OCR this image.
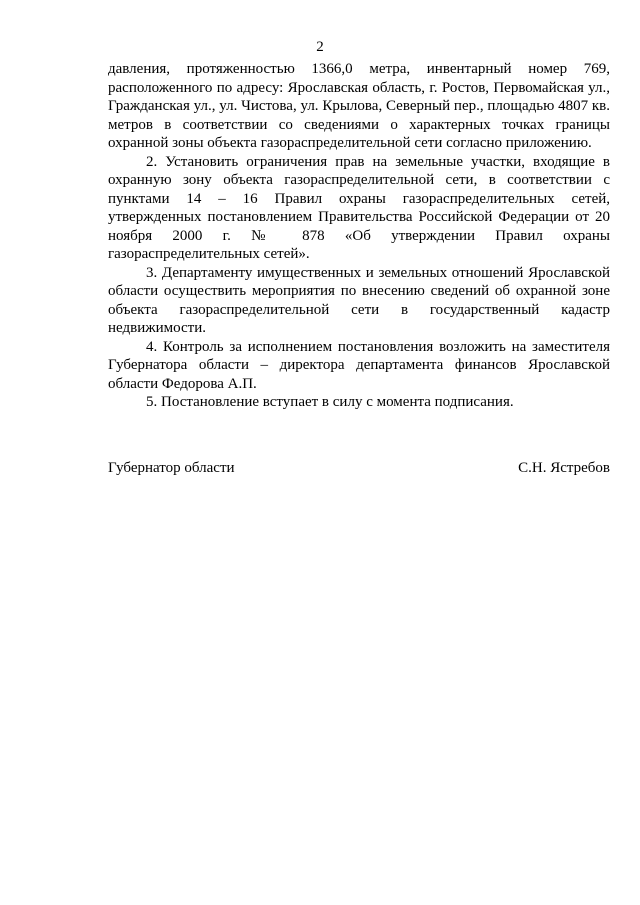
2

давления, протяженностью 1366,0 метра, инвентарный номер 769, расположенного по адресу: Ярославская область, г. Ростов, Первомайская ул., Гражданская ул., ул. Чистова, ул. Крылова, Северный пер., площадью 4807 кв. метров в соответствии со сведениями о характерных точках границы охранной зоны объекта газораспределительной сети согласно приложению.

2. Установить ограничения прав на земельные участки, входящие в охранную зону объекта газораспределительной сети, в соответствии с пунктами 14 – 16 Правил охраны газораспределительных сетей, утвержденных постановлением Правительства Российской Федерации от 20 ноября 2000 г. № 878 «Об утверждении Правил охраны газораспределительных сетей».

3. Департаменту имущественных и земельных отношений Ярославской области осуществить мероприятия по внесению сведений об охранной зоне объекта газораспределительной сети в государственный кадастр недвижимости.

4. Контроль за исполнением постановления возложить на заместителя Губернатора области – директора департамента финансов Ярославской области Федорова А.П.

5. Постановление вступает в силу с момента подписания.

Губернатор области	С.Н. Ястребов
